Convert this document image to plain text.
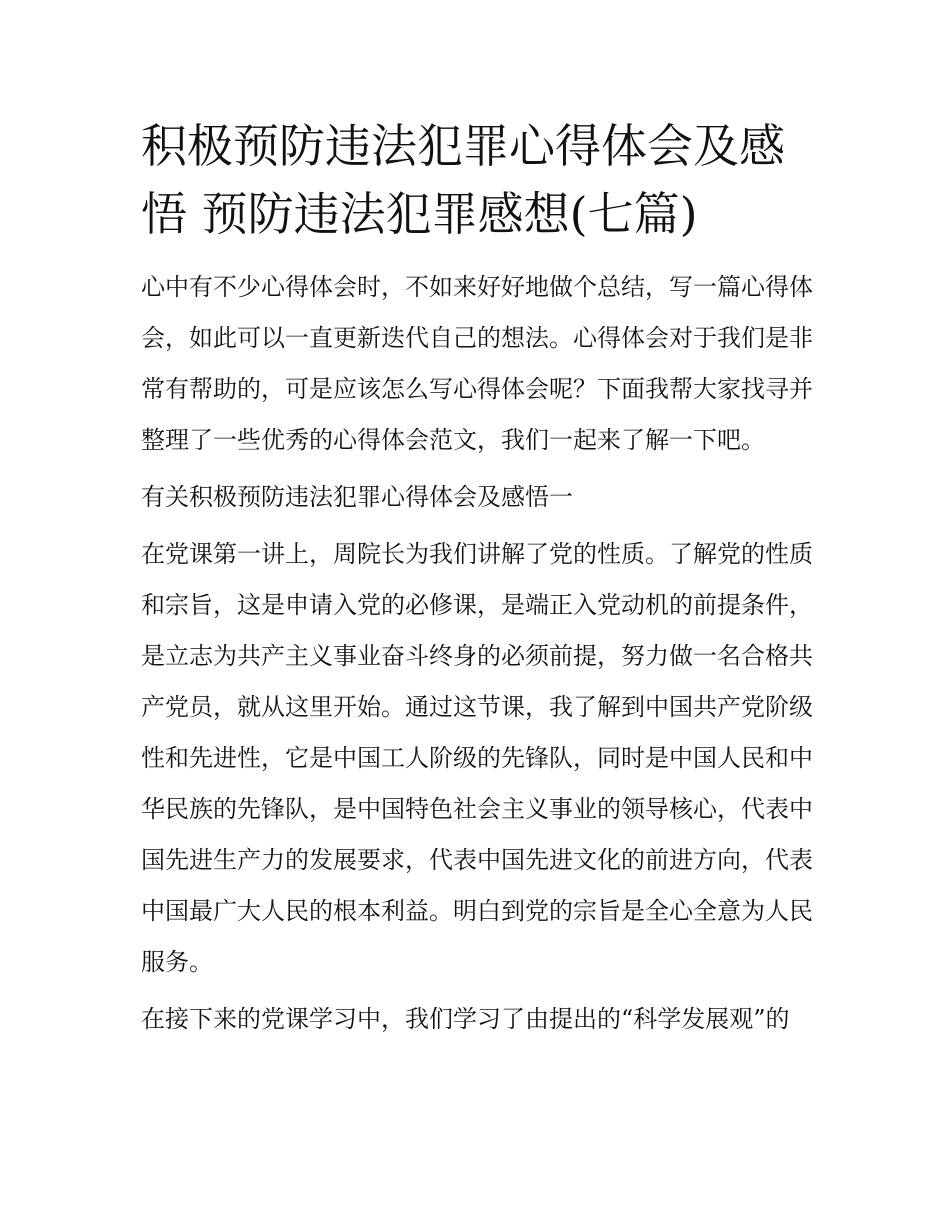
积极预防违法犯罪心得体会及感悟 预防违法犯罪感想(七篇)

心中有不少心得体会时，不如来好好地做个总结，写一篇心得体会，如此可以一直更新迭代自己的想法。心得体会对于我们是非常有帮助的，可是应该怎么写心得体会呢？下面我帮大家找寻并整理了一些优秀的心得体会范文，我们一起来了解一下吧。

有关积极预防违法犯罪心得体会及感悟一

在党课第一讲上，周院长为我们讲解了党的性质。了解党的性质和宗旨，这是申请入党的必修课，是端正入党动机的前提条件，是立志为共产主义事业奋斗终身的必须前提，努力做一名合格共产党员，就从这里开始。通过这节课，我了解到中国共产党阶级性和先进性，它是中国工人阶级的先锋队，同时是中国人民和中华民族的先锋队，是中国特色社会主义事业的领导核心，代表中国先进生产力的发展要求，代表中国先进文化的前进方向，代表中国最广大人民的根本利益。明白到党的宗旨是全心全意为人民服务。

在接下来的党课学习中，我们学习了由提出的“科学发展观”的
